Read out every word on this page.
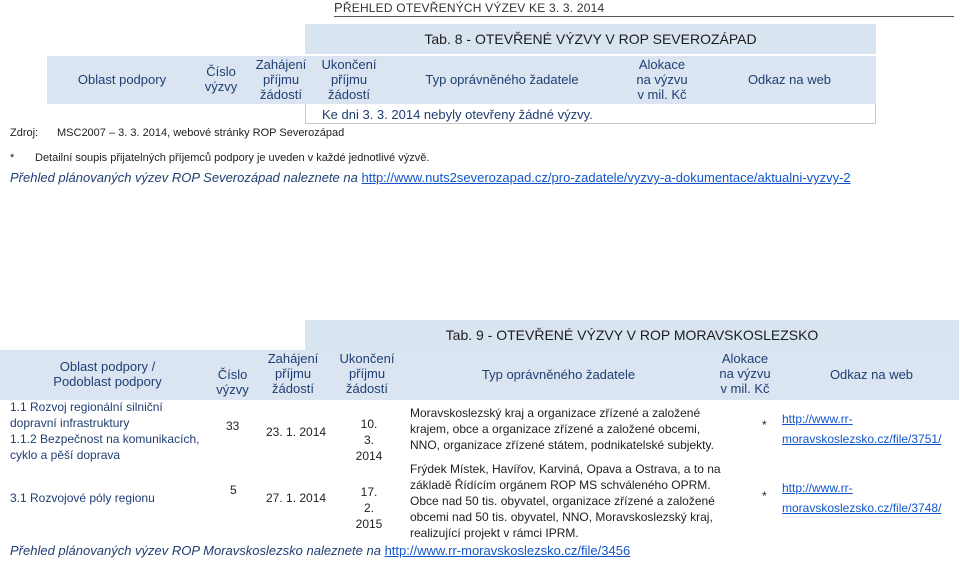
PŘEHLED OTEVŘENÝCH VÝZEV KE 3. 3. 2014
Tab. 8 - OTEVŘENÉ VÝZVY V ROP SEVEROZÁPAD
Oblast podpory
Číslo
výzvy
Zahájení
příjmu
žádostí
Ukončení
příjmu
žádostí
Typ oprávněného žadatele
Alokace
na výzvu
v mil. Kč
Odkaz na web
Ke dni 3. 3. 2014 nebyly otevřeny žádné výzvy.
Zdroj: MSC2007 – 3. 3. 2014, webové stránky ROP Severozápad
* Detailní soupis přijatelných příjemců podpory je uveden v každé jednotlivé výzvě.
Přehled plánovaných výzev ROP Severozápad naleznete na http://www.nuts2severozapad.cz/pro-zadatele/vyzvy-a-dokumentace/aktualni-vyzvy-2
Tab. 9 - OTEVŘENÉ VÝZVY V ROP MORAVSKOSLEZSKO
Oblast podpory /
Podoblast podpory	Číslo
výzvy
Zahájení
příjmu
žádostí
Ukončení
příjmu
žádostí
Typ oprávněného žadatele
Alokace
na výzvu
v mil. Kč
Odkaz na web
1.1 Rozvoj regionální silniční
dopravní infrastruktury
1.1.2 Bezpečnost na komunikacích,
cyklo a pěší doprava
33 23. 1. 2014
10. 3.
2014
Moravskoslezský kraj a organizace zřízené a založené
krajem, obce a organizace zřízené a založené obcemi,
NNO, organizace zřízené státem, podnikatelské subjekty.
* http://www.rr-
moravskoslezsko.cz/file/3751/
3.1 Rozvojové póly regionu
5
27. 1. 2014	17. 2.
2015
Frýdek Místek, Havířov, Karviná, Opava a Ostrava, a to na
základě Řídícím orgánem ROP MS schváleného OPRM.
Obce nad 50 tis. obyvatel, organizace zřízené a založené
obcemi nad 50 tis. obyvatel, NNO, Moravskoslezský kraj,
realizující projekt v rámci IPRM.
*
http://www.rr-
moravskoslezsko.cz/file/3748/
Přehled plánovaných výzev ROP Moravskoslezsko naleznete na http://www.rr-moravskoslezsko.cz/file/3456
